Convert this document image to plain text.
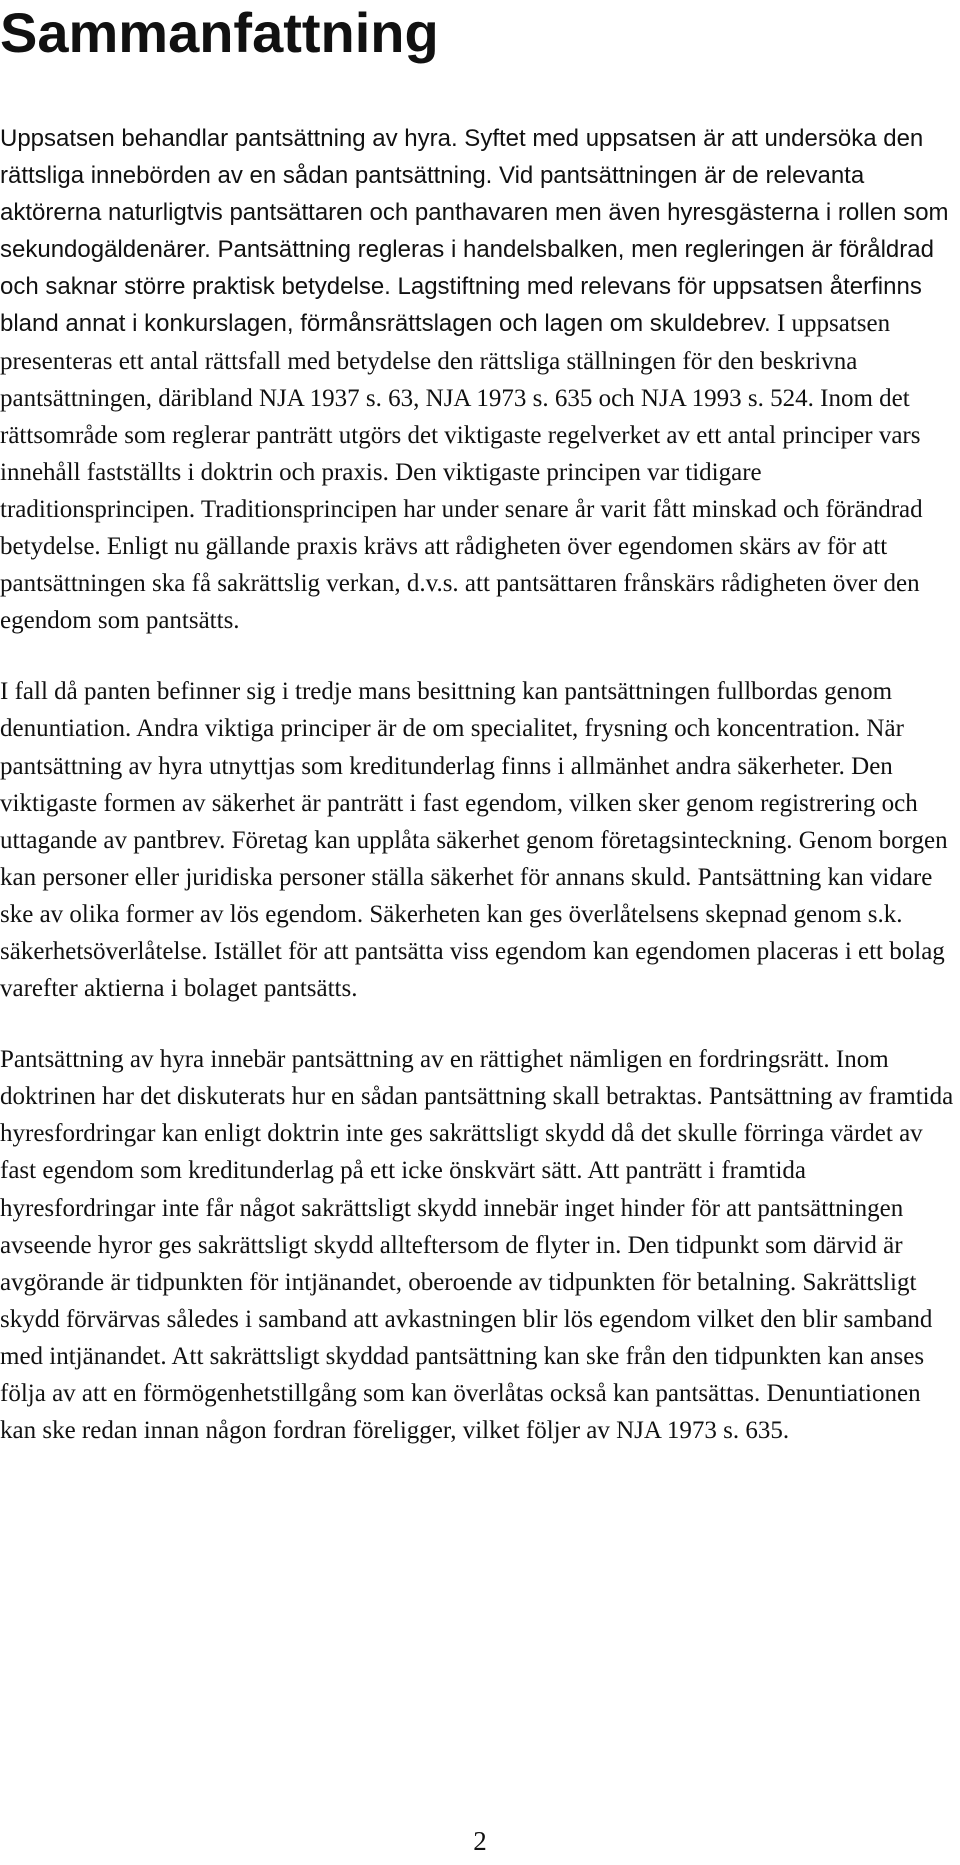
Sammanfattning

Uppsatsen behandlar pantsättning av hyra. Syftet med uppsatsen är att undersöka den rättsliga innebörden av en sådan pantsättning. Vid pantsättningen är de relevanta aktörerna naturligtvis pantsättaren och panthavaren men även hyresgästerna i rollen som sekundogäldenärer. Pantsättning regleras i handelsbalken, men regleringen är föråldrad och saknar större praktisk betydelse. Lagstiftning med relevans för uppsatsen återfinns bland annat i konkurslagen, förmånsrättslagen och lagen om skuldebrev. I uppsatsen presenteras ett antal rättsfall med betydelse den rättsliga ställningen för den beskrivna pantsättningen, däribland NJA 1937 s. 63, NJA 1973 s. 635 och NJA 1993 s. 524. Inom det rättsområde som reglerar panträtt utgörs det viktigaste regelverket av ett antal principer vars innehåll fastställts i doktrin och praxis. Den viktigaste principen var tidigare traditionsprincipen. Traditionsprincipen har under senare år varit fått minskad och förändrad betydelse. Enligt nu gällande praxis krävs att rådigheten över egendomen skärs av för att pantsättningen ska få sakrättslig verkan, d.v.s. att pantsättaren frånskärs rådigheten över den egendom som pantsätts.

I fall då panten befinner sig i tredje mans besittning kan pantsättningen fullbordas genom denuntiation. Andra viktiga principer är de om specialitet, frysning och koncentration. När pantsättning av hyra utnyttjas som kreditunderlag finns i allmänhet andra säkerheter. Den viktigaste formen av säkerhet är panträtt i fast egendom, vilken sker genom registrering och uttagande av pantbrev. Företag kan upplåta säkerhet genom företagsinteckning. Genom borgen kan personer eller juridiska personer ställa säkerhet för annans skuld. Pantsättning kan vidare ske av olika former av lös egendom. Säkerheten kan ges överlåtelsens skepnad genom s.k. säkerhetsöverlåtelse. Istället för att pantsätta viss egendom kan egendomen placeras i ett bolag varefter aktierna i bolaget pantsätts.

Pantsättning av hyra innebär pantsättning av en rättighet nämligen en fordringsrätt. Inom doktrinen har det diskuterats hur en sådan pantsättning skall betraktas. Pantsättning av framtida hyresfordringar kan enligt doktrin inte ges sakrättsligt skydd då det skulle förringa värdet av fast egendom som kreditunderlag på ett icke önskvärt sätt. Att panträtt i framtida hyresfordringar inte får något sakrättsligt skydd innebär inget hinder för att pantsättningen avseende hyror ges sakrättsligt skydd allteftersom de flyter in. Den tidpunkt som därvid är avgörande är tidpunkten för intjänandet, oberoende av tidpunkten för betalning. Sakrättsligt skydd förvärvas således i samband att avkastningen blir lös egendom vilket den blir samband med intjänandet. Att sakrättsligt skyddad pantsättning kan ske från den tidpunkten kan anses följa av att en förmögenhetstillgång som kan överlåtas också kan pantsättas. Denuntiationen kan ske redan innan någon fordran föreligger, vilket följer av NJA 1973 s. 635.

2
